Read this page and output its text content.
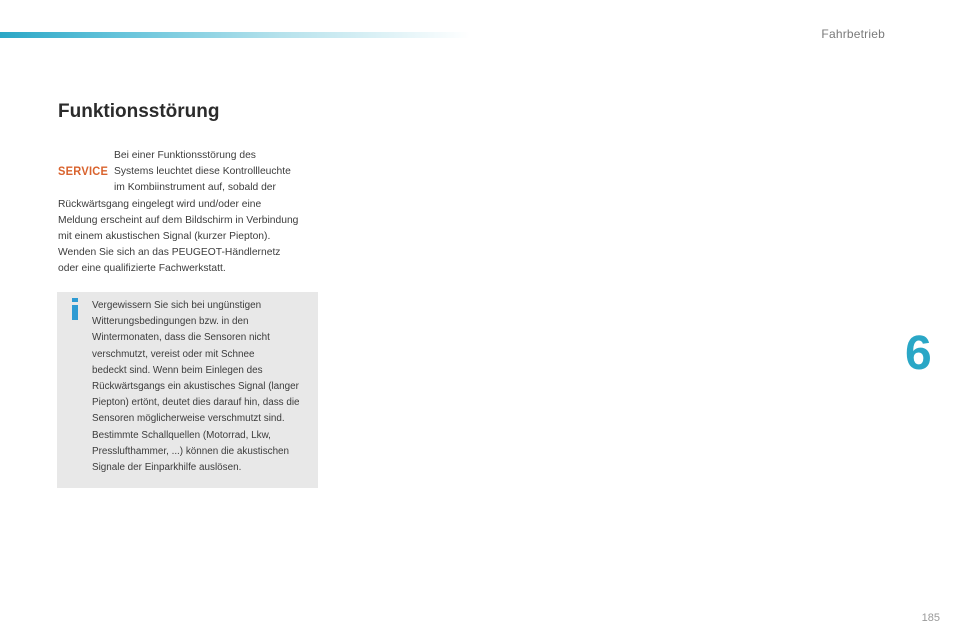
Fahrbetrieb
Funktionsstörung
SERVICE
Bei einer Funktionsstörung des
Systems leuchtet diese Kontrollleuchte
im Kombiinstrument auf, sobald der
Rückwärtsgang eingelegt wird und/oder eine
Meldung erscheint auf dem Bildschirm in Verbindung
mit einem akustischen Signal (kurzer Piepton).
Wenden Sie sich an das PEUGEOT-Händlernetz
oder eine qualifizierte Fachwerkstatt.
Vergewissern Sie sich bei ungünstigen
Witterungsbedingungen bzw. in den
Wintermonaten, dass die Sensoren nicht
verschmutzt, vereist oder mit Schnee
bedeckt sind. Wenn beim Einlegen des
Rückwärtsgangs ein akustisches Signal (langer
Piepton) ertönt, deutet dies darauf hin, dass die
Sensoren möglicherweise verschmutzt sind.
Bestimmte Schallquellen (Motorrad, Lkw,
Presslufthammer, ...) können die akustischen
Signale der Einparkhilfe auslösen.
6
185
